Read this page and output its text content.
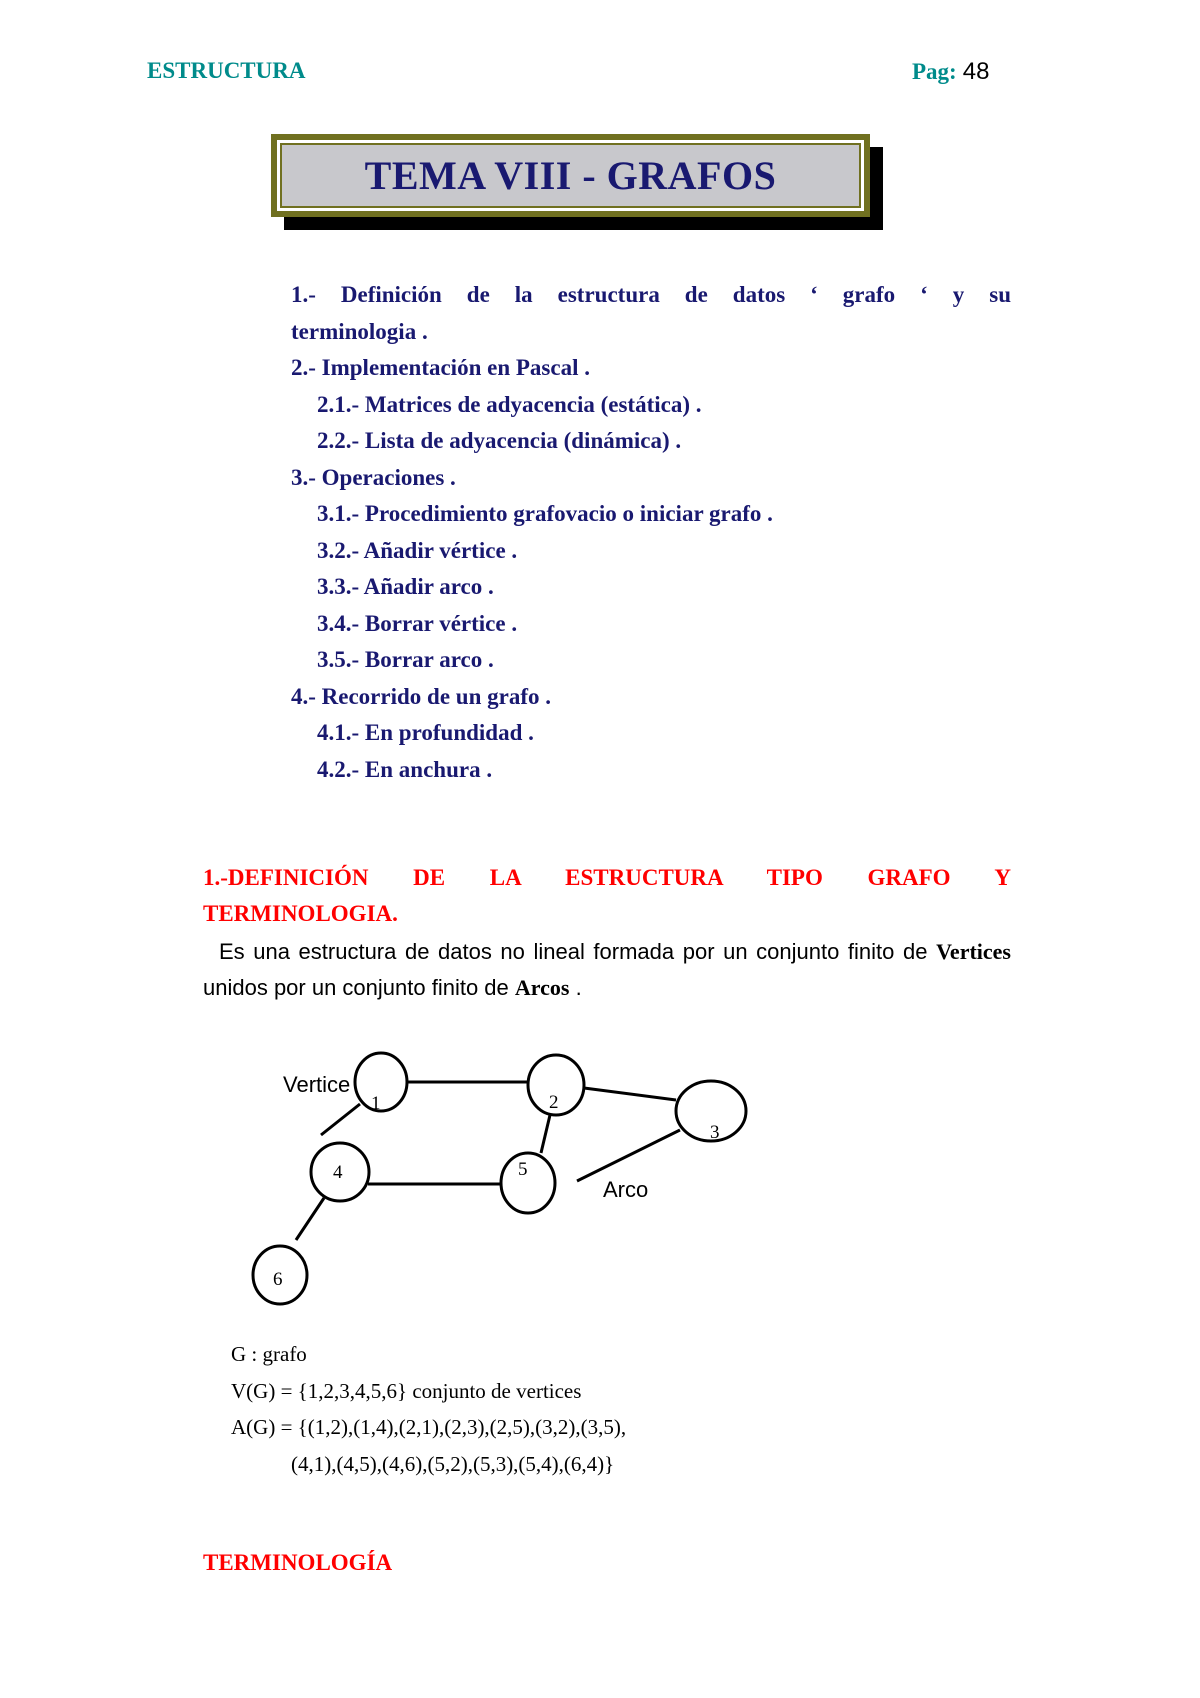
ESTRUCTURA	Pag: 48
TEMA VIII - GRAFOS
1.- Definición de la estructura de datos ‘ grafo ‘ y su
terminologia .
2.- Implementación en Pascal .
2.1.- Matrices de adyacencia (estática) .
2.2.- Lista de adyacencia (dinámica) .
3.- Operaciones .
3.1.- Procedimiento grafovacio o iniciar grafo .
3.2.- Añadir vértice .
3.3.- Añadir arco .
3.4.- Borrar vértice .
3.5.- Borrar arco .
4.- Recorrido de un grafo .
4.1.- En profundidad .
4.2.- En anchura .
1.-DEFINICIÓN DE LA ESTRUCTURA TIPO GRAFO Y
TERMINOLOGIA.
Es una estructura de datos no lineal formada por un conjunto finito de Vertices
unidos por un conjunto finito de Arcos .
1	2
3
4	5
6
Vertice
Arco
G : grafo
V(G) = {1,2,3,4,5,6} conjunto de vertices
A(G) = {(1,2),(1,4),(2,1),(2,3),(2,5),(3,2),(3,5),
(4,1),(4,5),(4,6),(5,2),(5,3),(5,4),(6,4)}
TERMINOLOGÍA
